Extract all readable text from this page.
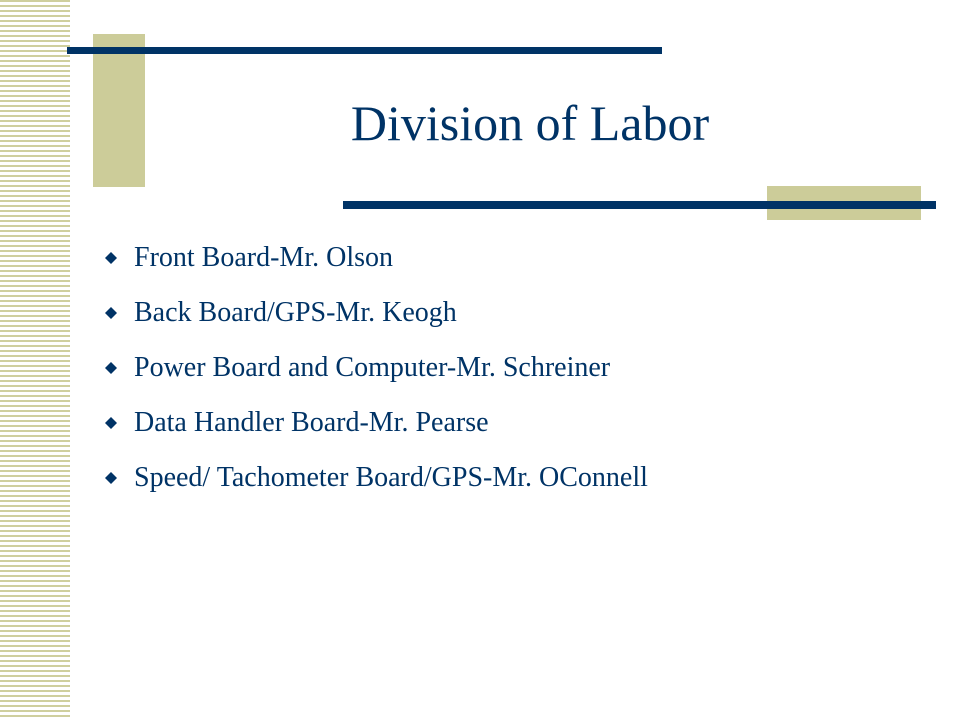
Division of Labor
Front Board-Mr. Olson
Back Board/GPS-Mr. Keogh
Power Board and Computer-Mr. Schreiner
Data Handler Board-Mr. Pearse
Speed/ Tachometer Board/GPS-Mr. OConnell
